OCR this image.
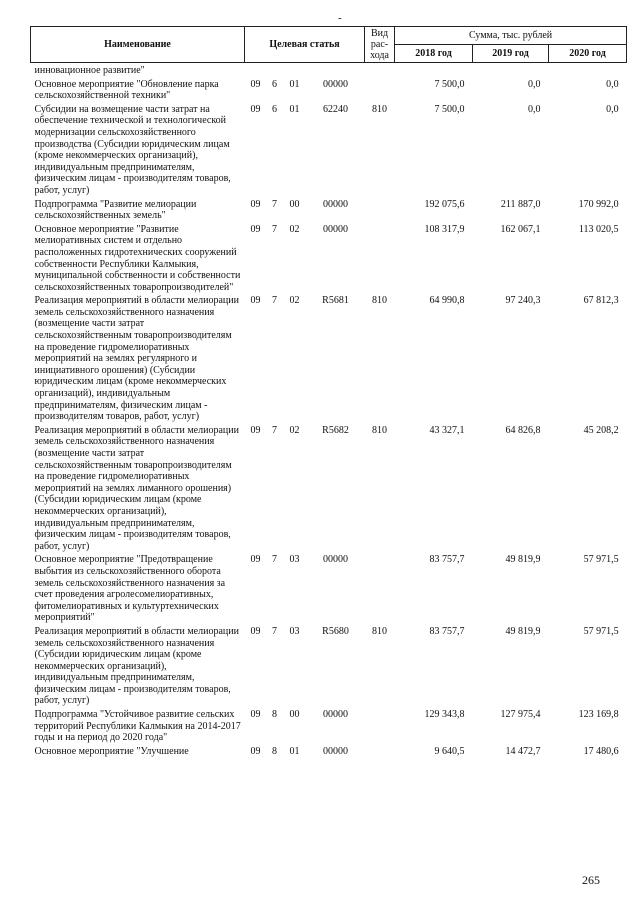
-
Наименование	Целевая статья				Вид рас-хода	Сумма, тыс. рублей		
						2018 год	2019 год	2020 год
инновационное развитие"								
Основное мероприятие "Обновление парка сельскохозяйственной техники"	09	6	01	00000		7 500,0	0,0	0,0
Субсидии на возмещение части затрат на обеспечение технической и технологической модернизации сельскохозяйственного производства (Субсидии юридическим лицам (кроме некоммерческих организаций), индивидуальным предпринимателям, физическим лицам - производителям товаров, работ, услуг)	09	6	01	62240	810	7 500,0	0,0	0,0
Подпрограмма "Развитие мелиорации сельскохозяйственных земель"	09	7	00	00000		192 075,6	211 887,0	170 992,0
Основное мероприятие "Развитие мелиоративных систем и отдельно расположенных гидротехнических сооружений собственности Республики Калмыкия, муниципальной собственности и собственности сельскохозяйственных товаропроизводителей"	09	7	02	00000		108 317,9	162 067,1	113 020,5
Реализация мероприятий в области мелиорации земель сельскохозяйственного назначения (возмещение части затрат сельскохозяйственным товаропроизводителям на проведение гидромелиоративных мероприятий на землях регулярного и инициативного орошения) (Субсидии юридическим лицам (кроме некоммерческих организаций), индивидуальным предпринимателям, физическим лицам - производителям товаров, работ, услуг)	09	7	02	R5681	810	64 990,8	97 240,3	67 812,3
Реализация мероприятий в области мелиорации земель сельскохозяйственного назначения (возмещение части затрат сельскохозяйственным товаропроизводителям на проведение гидромелиоративных мероприятий на землях лиманного орошения) (Субсидии юридическим лицам (кроме некоммерческих организаций), индивидуальным предпринимателям, физическим лицам - производителям товаров, работ, услуг)	09	7	02	R5682	810	43 327,1	64 826,8	45 208,2
Основное мероприятие "Предотвращение выбытия из сельскохозяйственного оборота земель сельскохозяйственного назначения за счет проведения агролесомелиоративных, фитомелиоративных и культуртехнических мероприятий"	09	7	03	00000		83 757,7	49 819,9	57 971,5
Реализация мероприятий в области мелиорации земель сельскохозяйственного назначения (Субсидии юридическим лицам (кроме некоммерческих организаций), индивидуальным предпринимателям, физическим лицам - производителям товаров, работ, услуг)	09	7	03	R5680	810	83 757,7	49 819,9	57 971,5
Подпрограмма "Устойчивое развитие сельских территорий Республики Калмыкия на 2014-2017 годы и на период до 2020 года"	09	8	00	00000		129 343,8	127 975,4	123 169,8
Основное мероприятие "Улучшение	09	8	01	00000		9 640,5	14 472,7	17 480,6
265
